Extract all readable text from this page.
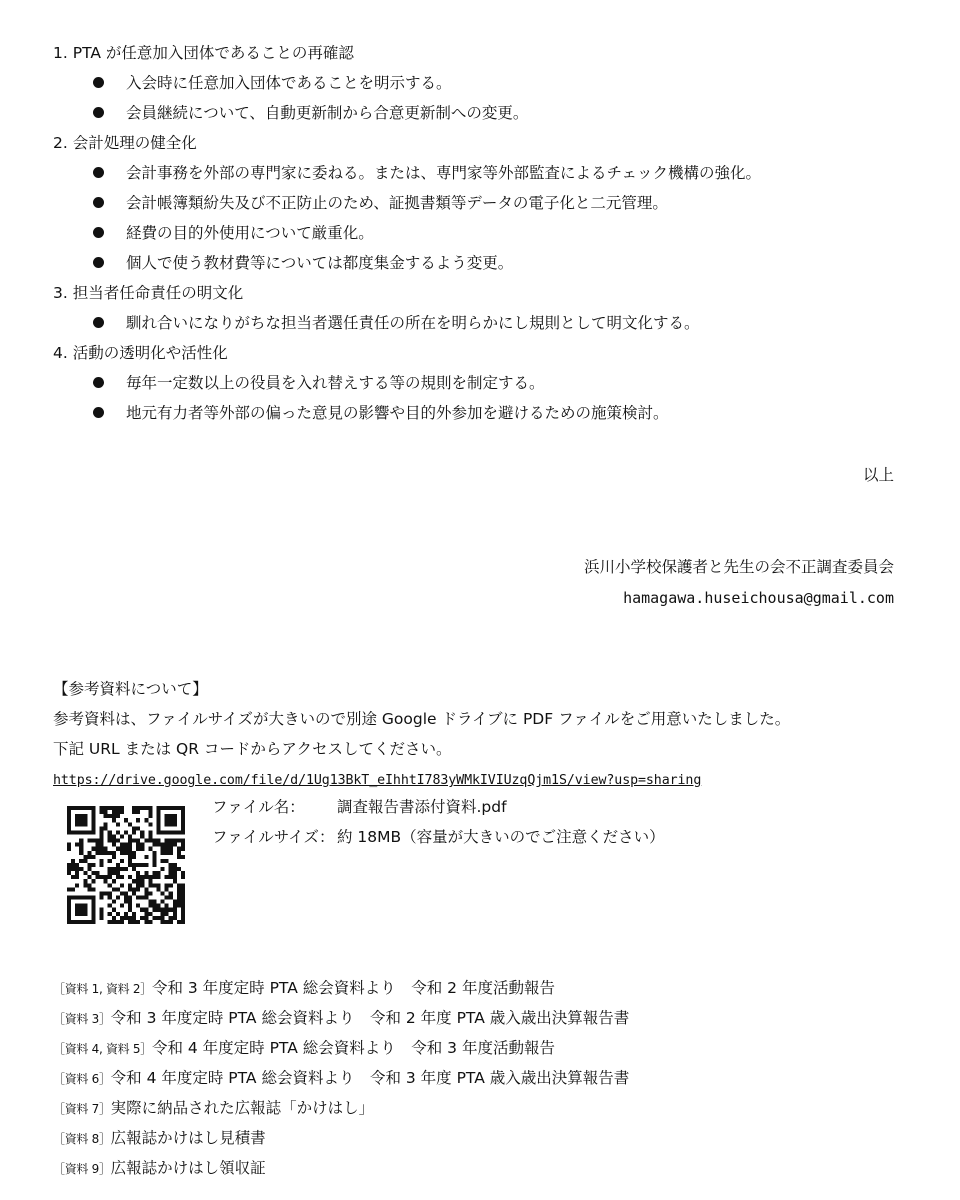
1. PTA が任意加入団体であることの再確認
入会時に任意加入団体であることを明示する。
会員継続について、自動更新制から合意更新制への変更。
2. 会計処理の健全化
会計事務を外部の専門家に委ねる。または、専門家等外部監査によるチェック機構の強化。
会計帳簿類紛失及び不正防止のため、証拠書類等データの電子化と二元管理。
経費の目的外使用について厳重化。
個人で使う教材費等については都度集金するよう変更。
3. 担当者任命責任の明文化
馴れ合いになりがちな担当者選任責任の所在を明らかにし規則として明文化する。
4. 活動の透明化や活性化
毎年一定数以上の役員を入れ替えする等の規則を制定する。
地元有力者等外部の偏った意見の影響や目的外参加を避けるための施策検討。
以上
浜川小学校保護者と先生の会不正調査委員会
hamagawa.huseichousa@gmail.com
【参考資料について】
参考資料は、ファイルサイズが大きいので別途 Google ドライブに PDF ファイルをご用意いたしました。
下記 URL または QR コードからアクセスしてください。
https://drive.google.com/file/d/1Ug13BkT_eIhhtI783yWMkIVIUzqQjm1S/view?usp=sharing
ファイル名： 調査報告書添付資料.pdf
ファイルサイズ： 約 18MB（容量が大きいのでご注意ください）
［資料 1, 資料 2］令和 3 年度定時 PTA 総会資料より　令和 2 年度活動報告
［資料 3］令和 3 年度定時 PTA 総会資料より　令和 2 年度 PTA 歳入歳出決算報告書
［資料 4, 資料 5］令和 4 年度定時 PTA 総会資料より　令和 3 年度活動報告
［資料 6］令和 4 年度定時 PTA 総会資料より　令和 3 年度 PTA 歳入歳出決算報告書
［資料 7］実際に納品された広報誌「かけはし」
［資料 8］広報誌かけはし見積書
［資料 9］広報誌かけはし領収証
